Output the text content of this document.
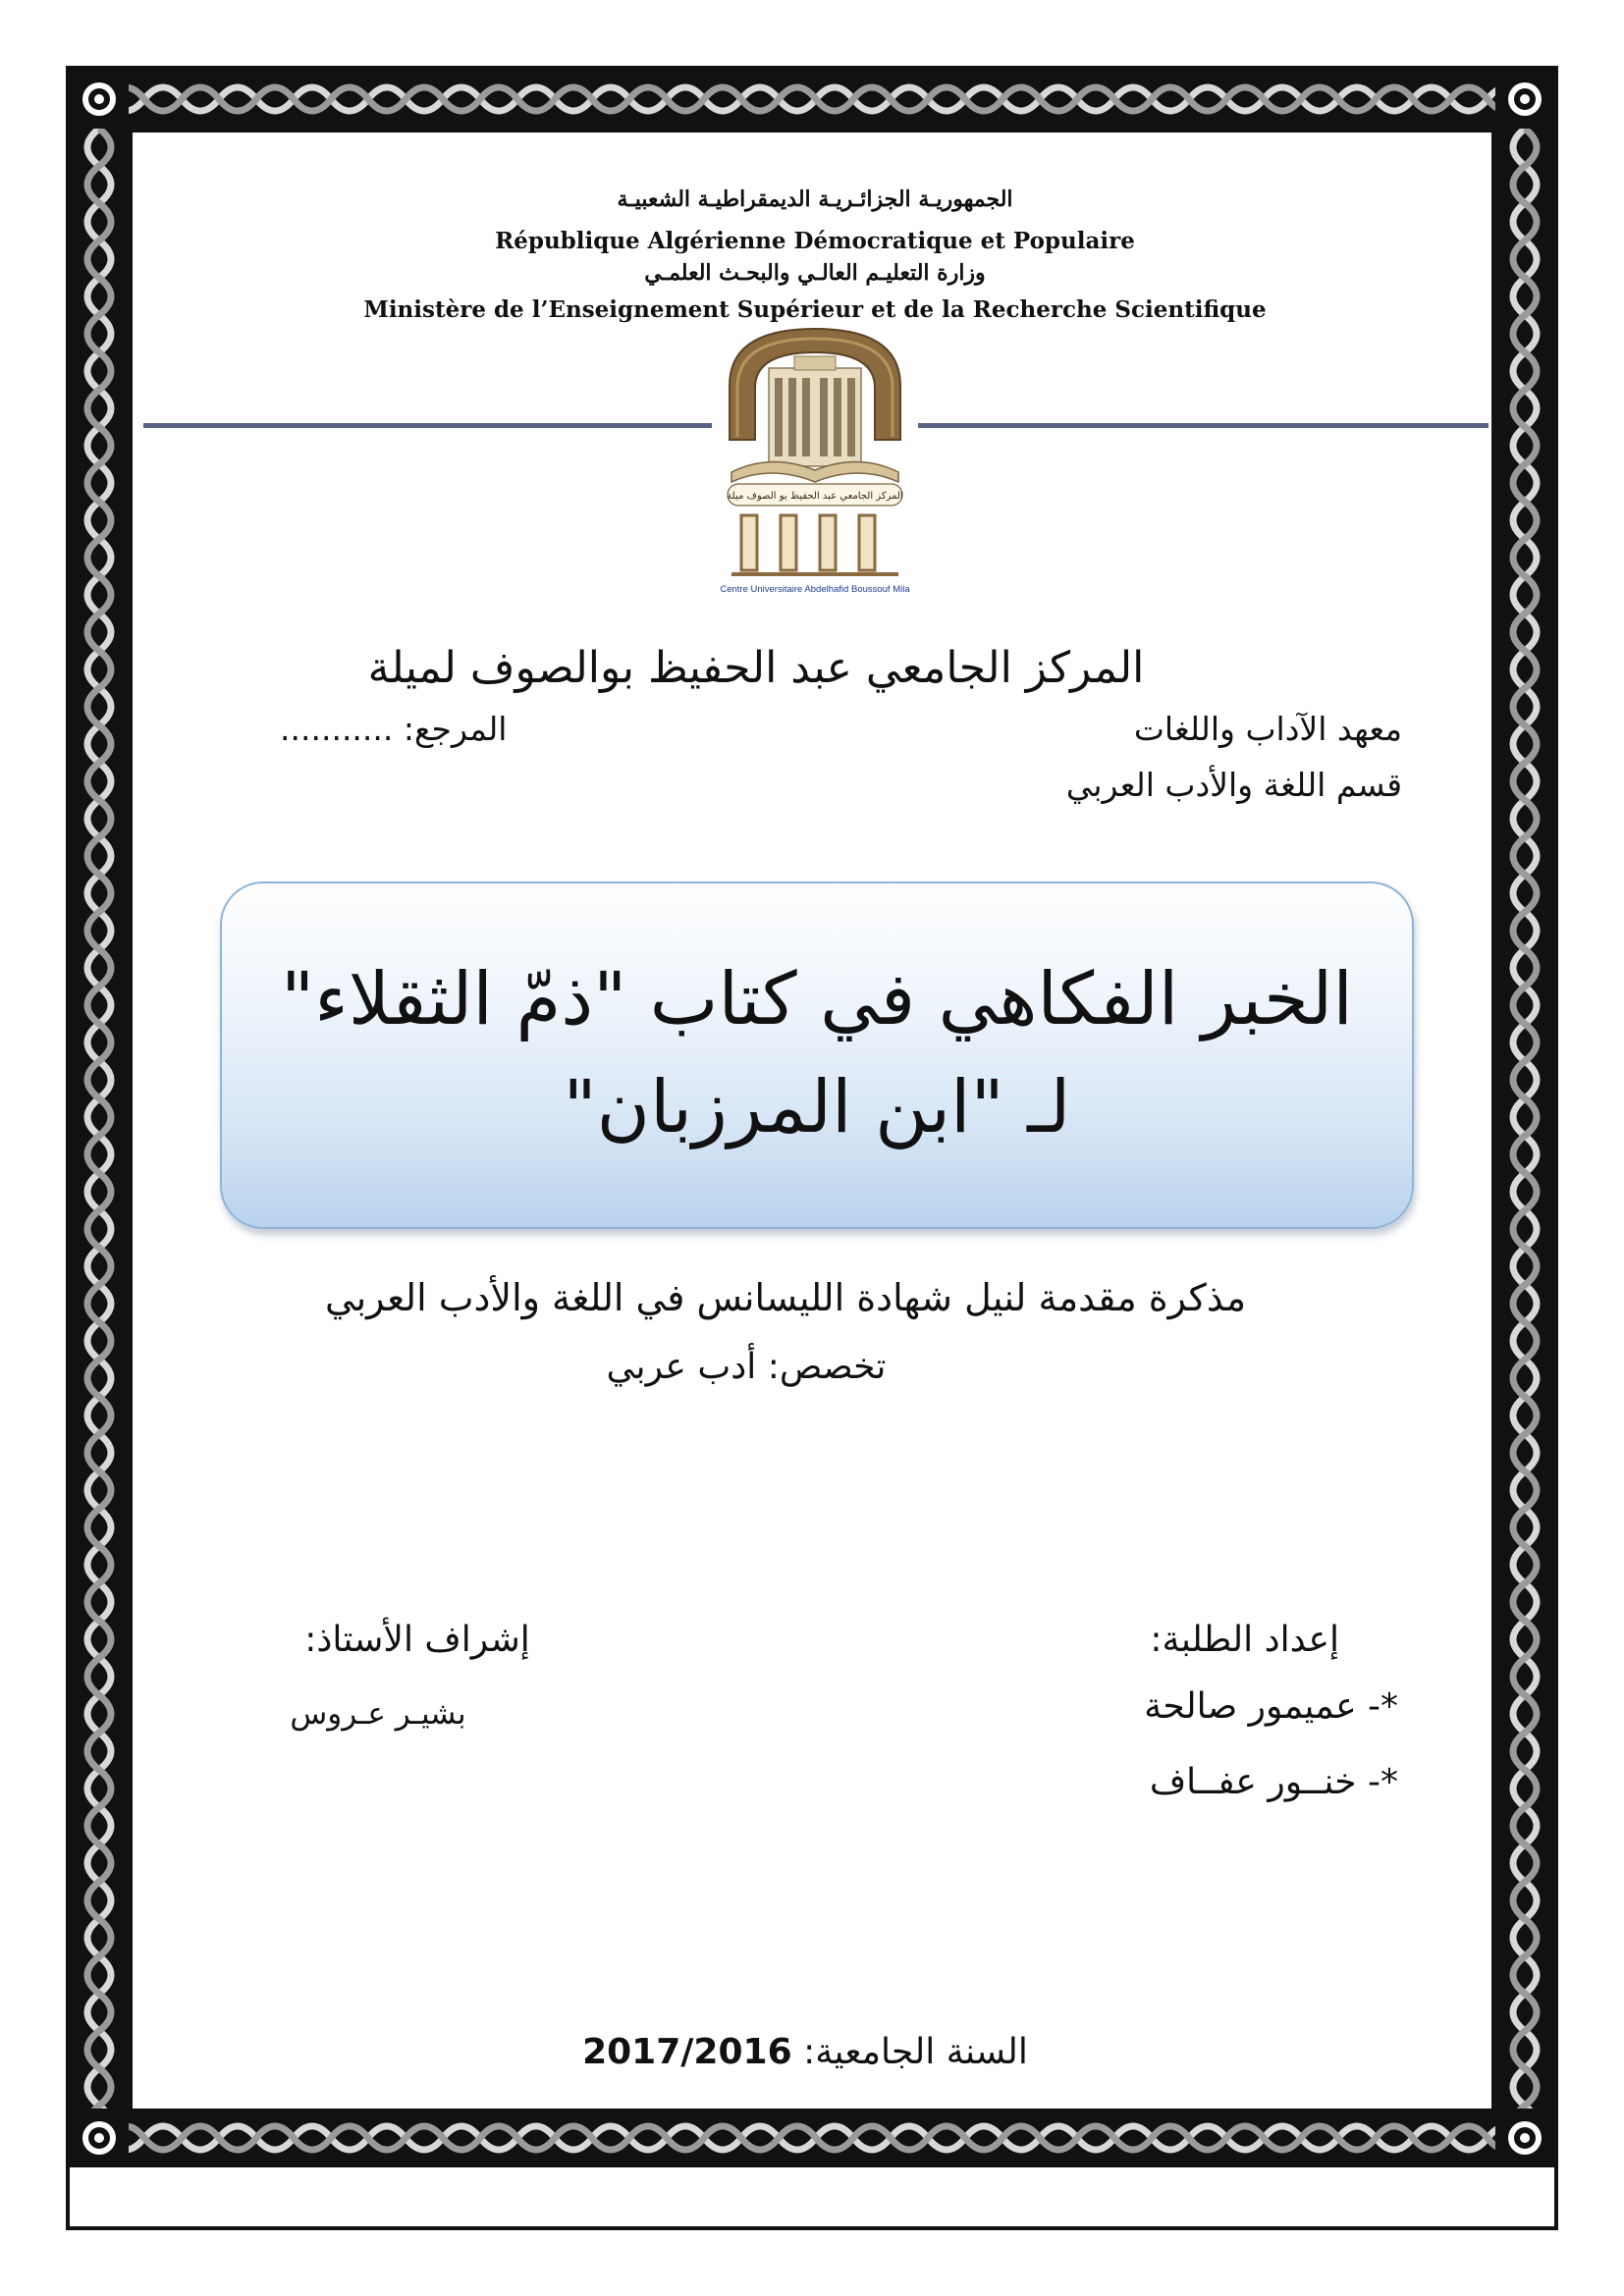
الجمهوريـة الجزائـريـة الديمقراطيـة الشعبيـة
République Algérienne Démocratique et Populaire
وزارة التعليـم العالـي والبحـث العلمـي
Ministère de l’Enseignement Supérieur et de la Recherche Scientifique
المركز الجامعي عبد الحفيظ بو الصوف ميلة
Centre Universitaire Abdelhafid Boussouf Mila
المركز الجامعي عبد الحفيظ بوالصوف لميلة
معهد الآداب واللغات
المرجع: ...........
قسم اللغة والأدب العربي
الخبر الفكاهي في كتاب "ذمّ الثقلاء"
لـ "ابن المرزبان"
مذكرة مقدمة لنيل شهادة الليسانس في اللغة والأدب العربي
تخصص: أدب عربي
إعداد الطلبة:
إشراف الأستاذ:
*- عميمور صالحة
*- خنــور عفــاف
بشيـر عـروس
السنة الجامعية: 2017/2016
